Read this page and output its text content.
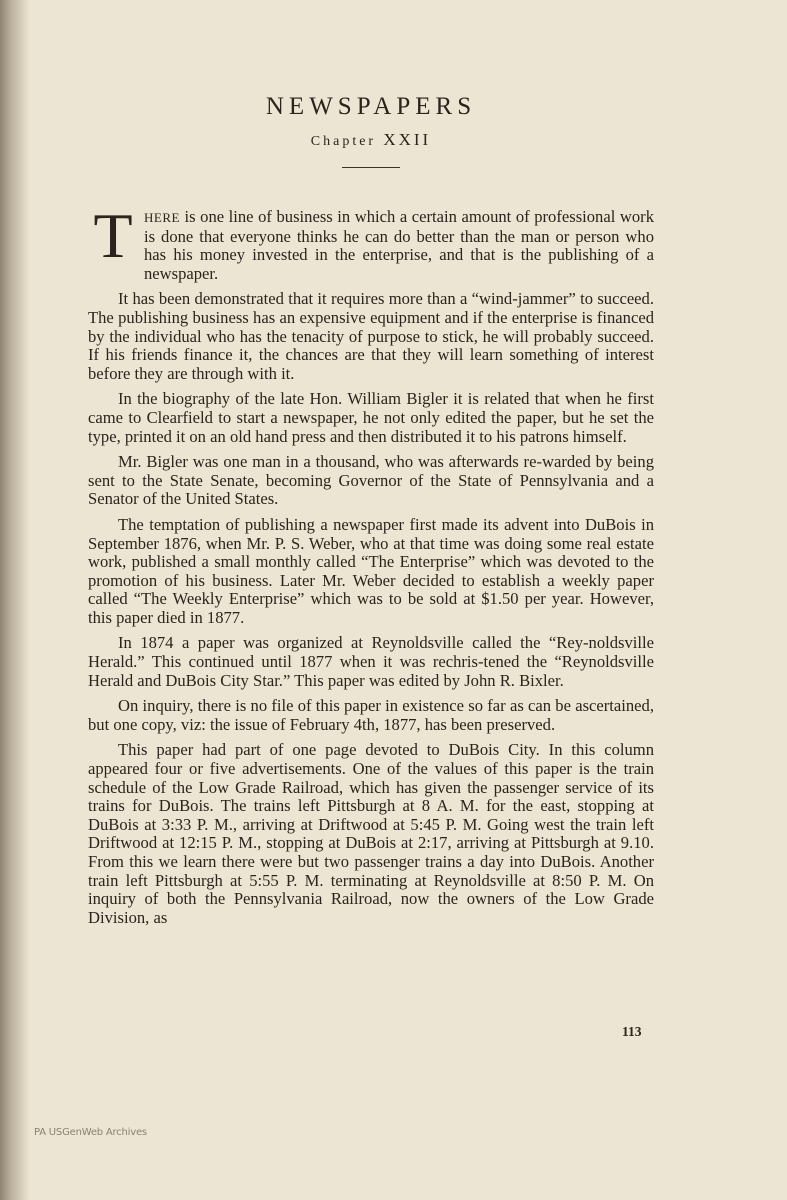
NEWSPAPERS
Chapter XXII

THERE is one line of business in which a certain amount of professional work is done that everyone thinks he can do better than the man or person who has his money invested in the enterprise, and that is the publishing of a newspaper.

It has been demonstrated that it requires more than a “wind-jammer” to succeed. The publishing business has an expensive equipment and if the enterprise is financed by the individual who has the tenacity of purpose to stick, he will probably succeed. If his friends finance it, the chances are that they will learn something of interest before they are through with it.

In the biography of the late Hon. William Bigler it is related that when he first came to Clearfield to start a newspaper, he not only edited the paper, but he set the type, printed it on an old hand press and then distributed it to his patrons himself.

Mr. Bigler was one man in a thousand, who was afterwards re-warded by being sent to the State Senate, becoming Governor of the State of Pennsylvania and a Senator of the United States.

The temptation of publishing a newspaper first made its advent into DuBois in September 1876, when Mr. P. S. Weber, who at that time was doing some real estate work, published a small monthly called “The Enterprise” which was devoted to the promotion of his business. Later Mr. Weber decided to establish a weekly paper called “The Weekly Enterprise” which was to be sold at $1.50 per year. However, this paper died in 1877.

In 1874 a paper was organized at Reynoldsville called the “Rey-noldsville Herald.” This continued until 1877 when it was rechris-tened the “Reynoldsville Herald and DuBois City Star.” This paper was edited by John R. Bixler.

On inquiry, there is no file of this paper in existence so far as can be ascertained, but one copy, viz: the issue of February 4th, 1877, has been preserved.

This paper had part of one page devoted to DuBois City. In this column appeared four or five advertisements. One of the values of this paper is the train schedule of the Low Grade Railroad, which has given the passenger service of its trains for DuBois. The trains left Pittsburgh at 8 A. M. for the east, stopping at DuBois at 3:33 P. M., arriving at Driftwood at 5:45 P. M. Going west the train left Driftwood at 12:15 P. M., stopping at DuBois at 2:17, arriving at Pittsburgh at 9.10. From this we learn there were but two passenger trains a day into DuBois. Another train left Pittsburgh at 5:55 P. M. terminating at Reynoldsville at 8:50 P. M. On inquiry of both the Pennsylvania Railroad, now the owners of the Low Grade Division, as

113
PA USGenWeb Archives
